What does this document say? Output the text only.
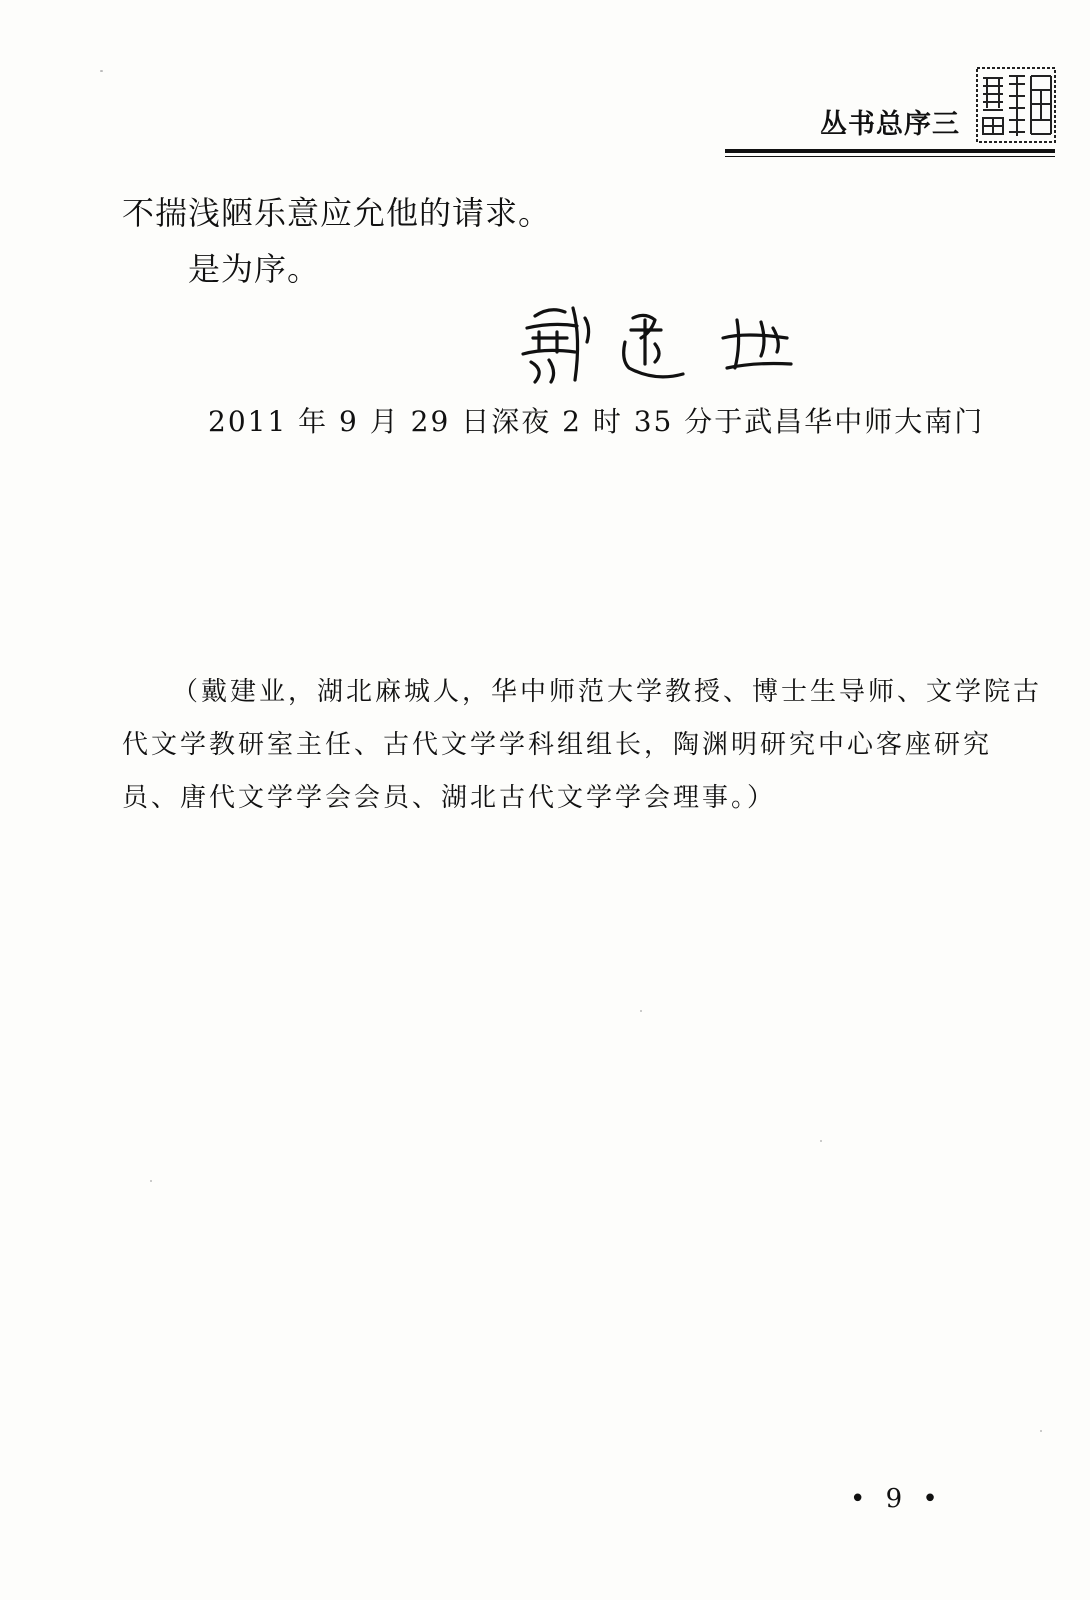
丛书总序三
不揣浅陋乐意应允他的请求。
是为序。
2011 年 9 月 29 日深夜 2 时 35 分于武昌华中师大南门
（戴建业，湖北麻城人，华中师范大学教授、博士生导师、文学院古
代文学教研室主任、古代文学学科组组长，陶渊明研究中心客座研究
员、唐代文学学会会员、湖北古代文学学会理事。）
• 9 •
